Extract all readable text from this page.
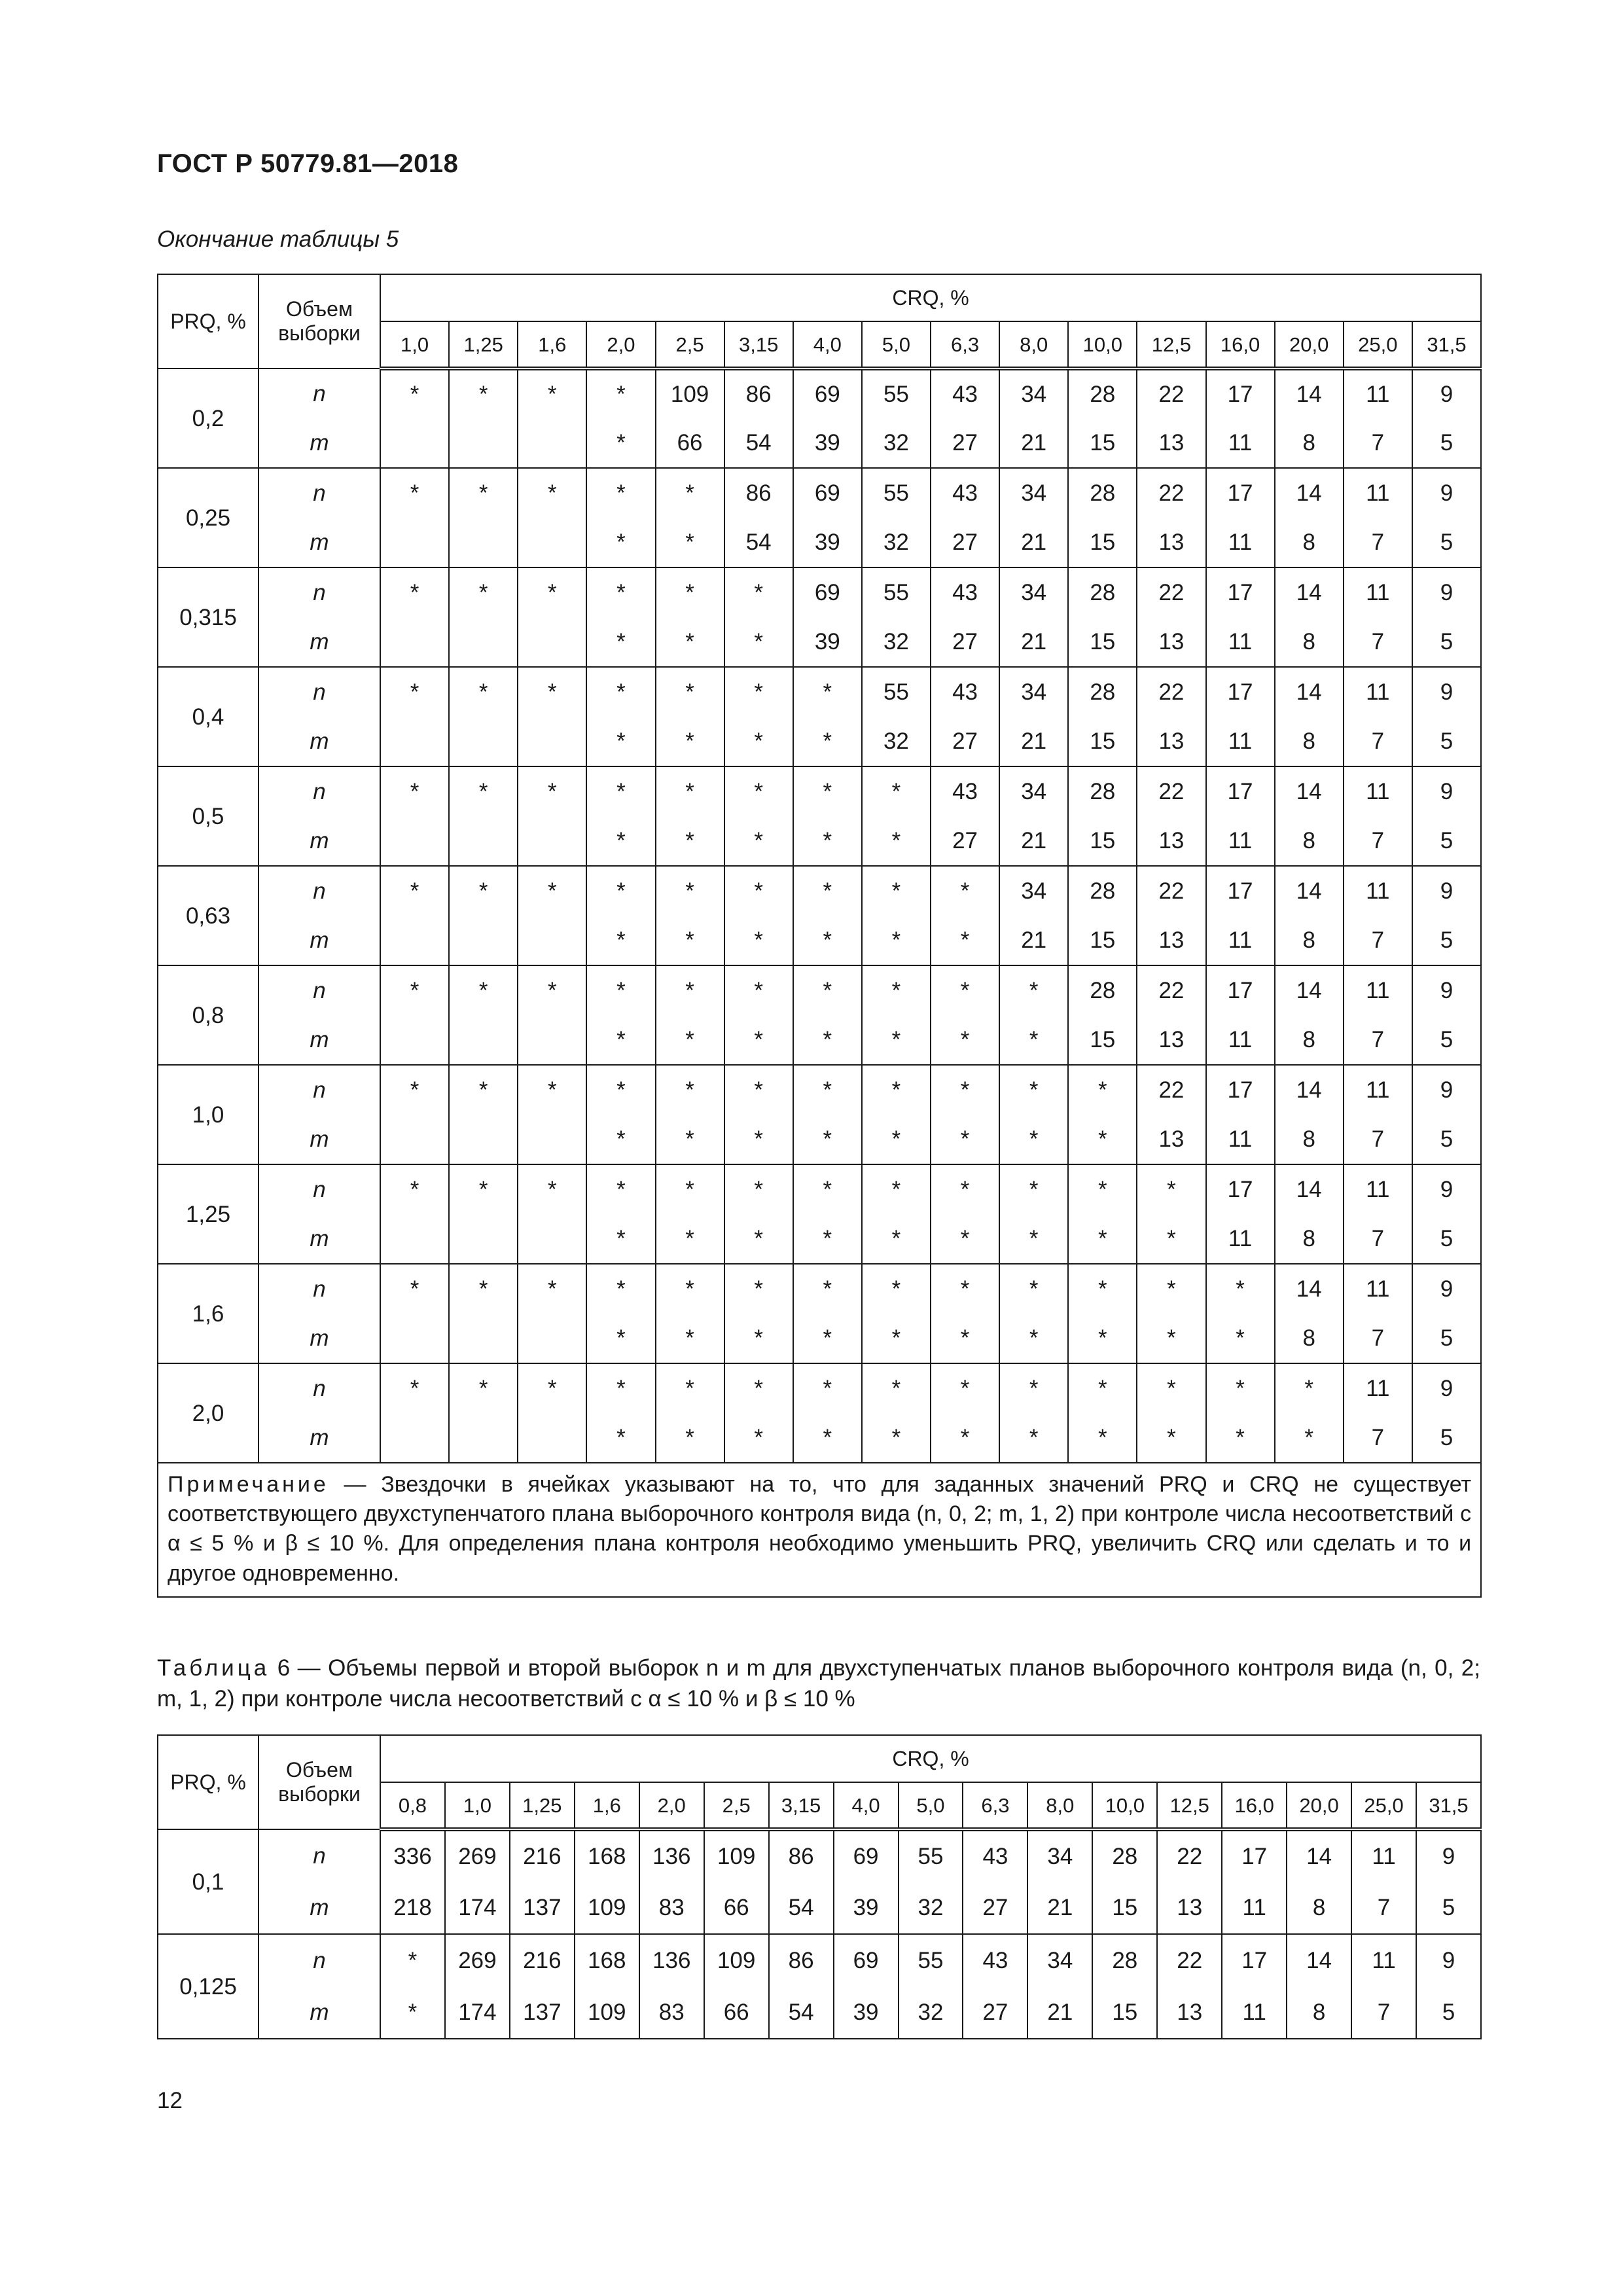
ГОСТ Р 50779.81—2018
Окончание таблицы 5
PRQ, %	Объем выборки	CRQ, %															
		1,0	1,25	1,6	2,0	2,5	3,15	4,0	5,0	6,3	8,0	10,0	12,5	16,0	20,0	25,0	31,5
0,2	n	*	*	*	*	109	86	69	55	43	34	28	22	17	14	11	9
	m				*	66	54	39	32	27	21	15	13	11	8	7	5
0,25	n	*	*	*	*	*	86	69	55	43	34	28	22	17	14	11	9
	m				*	*	54	39	32	27	21	15	13	11	8	7	5
0,315	n	*	*	*	*	*	*	69	55	43	34	28	22	17	14	11	9
	m				*	*	*	39	32	27	21	15	13	11	8	7	5
0,4	n	*	*	*	*	*	*	*	55	43	34	28	22	17	14	11	9
	m				*	*	*	*	32	27	21	15	13	11	8	7	5
0,5	n	*	*	*	*	*	*	*	*	43	34	28	22	17	14	11	9
	m				*	*	*	*	*	27	21	15	13	11	8	7	5
0,63	n	*	*	*	*	*	*	*	*	*	34	28	22	17	14	11	9
	m				*	*	*	*	*	*	21	15	13	11	8	7	5
0,8	n	*	*	*	*	*	*	*	*	*	*	28	22	17	14	11	9
	m				*	*	*	*	*	*	*	15	13	11	8	7	5
1,0	n	*	*	*	*	*	*	*	*	*	*	*	22	17	14	11	9
	m				*	*	*	*	*	*	*	*	13	11	8	7	5
1,25	n	*	*	*	*	*	*	*	*	*	*	*	*	17	14	11	9
	m				*	*	*	*	*	*	*	*	*	11	8	7	5
1,6	n	*	*	*	*	*	*	*	*	*	*	*	*	*	14	11	9
	m				*	*	*	*	*	*	*	*	*	*	8	7	5
2,0	n	*	*	*	*	*	*	*	*	*	*	*	*	*	*	11	9
	m				*	*	*	*	*	*	*	*	*	*	*	7	5
Примечание — Звездочки в ячейках указывают на то, что для заданных значений PRQ и CRQ не существует соответствующего двухступенчатого плана выборочного контроля вида (n, 0, 2; m, 1, 2) при контроле числа несоответствий с α ≤ 5 % и β ≤ 10 %. Для определения плана контроля необходимо уменьшить PRQ, увеличить CRQ или сделать и то и другое одновременно.																	
Таблица 6 — Объемы первой и второй выборок n и m для двухступенчатых планов выборочного контроля вида (n, 0, 2; m, 1, 2) при контроле числа несоответствий с α ≤ 10 % и β ≤ 10 %
PRQ, %	Объем выборки	CRQ, %																
		0,8	1,0	1,25	1,6	2,0	2,5	3,15	4,0	5,0	6,3	8,0	10,0	12,5	16,0	20,0	25,0	31,5
0,1	n	336	269	216	168	136	109	86	69	55	43	34	28	22	17	14	11	9
	m	218	174	137	109	83	66	54	39	32	27	21	15	13	11	8	7	5
0,125	n	*	269	216	168	136	109	86	69	55	43	34	28	22	17	14	11	9
	m	*	174	137	109	83	66	54	39	32	27	21	15	13	11	8	7	5
12
